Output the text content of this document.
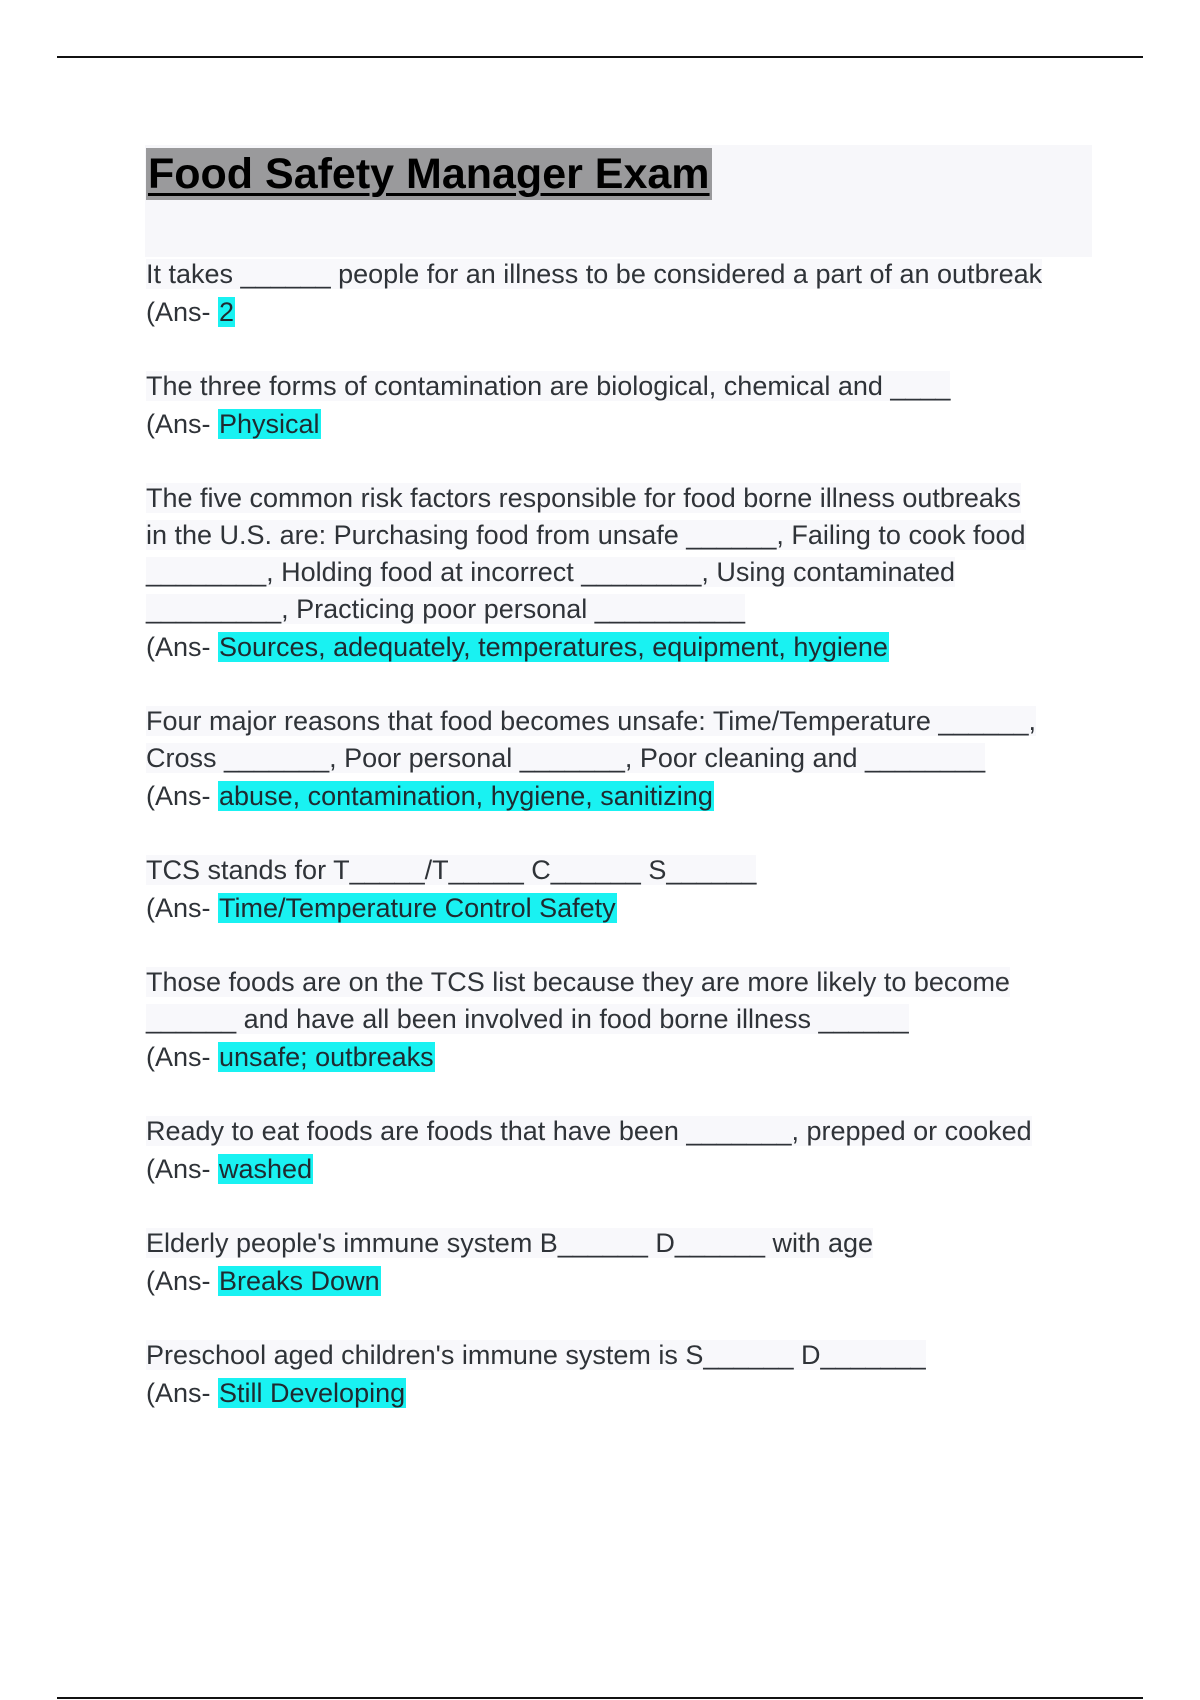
Food Safety Manager Exam
It takes ______ people for an illness to be considered a part of an outbreak
(Ans- 2
The three forms of contamination are biological, chemical and ____
(Ans- Physical
The five common risk factors responsible for food borne illness outbreaks
in the U.S. are: Purchasing food from unsafe ______, Failing to cook food
________, Holding food at incorrect ________, Using contaminated
_________, Practicing poor personal __________
(Ans- Sources, adequately, temperatures, equipment, hygiene
Four major reasons that food becomes unsafe: Time/Temperature ______,
Cross _______, Poor personal _______, Poor cleaning and ________
(Ans- abuse, contamination, hygiene, sanitizing
TCS stands for T_____/T_____ C______ S______
(Ans- Time/Temperature Control Safety
Those foods are on the TCS list because they are more likely to become
______ and have all been involved in food borne illness ______
(Ans- unsafe; outbreaks
Ready to eat foods are foods that have been _______, prepped or cooked
(Ans- washed
Elderly people's immune system B______ D______ with age
(Ans- Breaks Down
Preschool aged children's immune system is S______ D_______
(Ans- Still Developing
